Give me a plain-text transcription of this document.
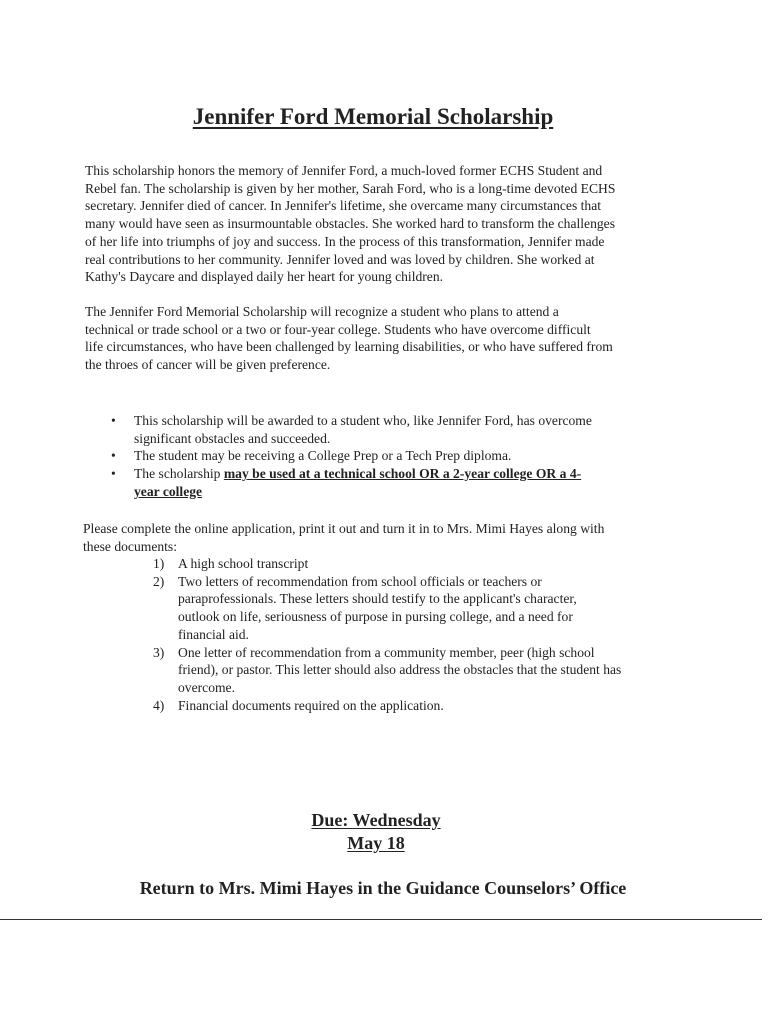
Jennifer Ford Memorial Scholarship
This scholarship honors the memory of Jennifer Ford, a much-loved former ECHS Student and
Rebel fan. The scholarship is given by her mother, Sarah Ford, who is a long-time devoted ECHS
secretary. Jennifer died of cancer. In Jennifer's lifetime, she overcame many circumstances that
many would have seen as insurmountable obstacles. She worked hard to transform the challenges
of her life into triumphs of joy and success. In the process of this transformation, Jennifer made
real contributions to her community. Jennifer loved and was loved by children. She worked at
Kathy's Daycare and displayed daily her heart for young children.
The Jennifer Ford Memorial Scholarship will recognize a student who plans to attend a
technical or trade school or a two or four-year college. Students who have overcome difficult
life circumstances, who have been challenged by learning disabilities, or who have suffered from
the throes of cancer will be given preference.
• This scholarship will be awarded to a student who, like Jennifer Ford, has overcome
significant obstacles and succeeded.
• The student may be receiving a College Prep or a Tech Prep diploma.
• The scholarship may be used at a technical school OR a 2-year college OR a 4-
year college
Please complete the online application, print it out and turn it in to Mrs. Mimi Hayes along with
these documents:
1) A high school transcript
2) Two letters of recommendation from school officials or teachers or
paraprofessionals. These letters should testify to the applicant's character,
outlook on life, seriousness of purpose in pursing college, and a need for
financial aid.
3) One letter of recommendation from a community member, peer (high school
friend), or pastor. This letter should also address the obstacles that the student has
overcome.
4) Financial documents required on the application.
Due: Wednesday
May 18
Return to Mrs. Mimi Hayes in the Guidance Counselors’ Office
